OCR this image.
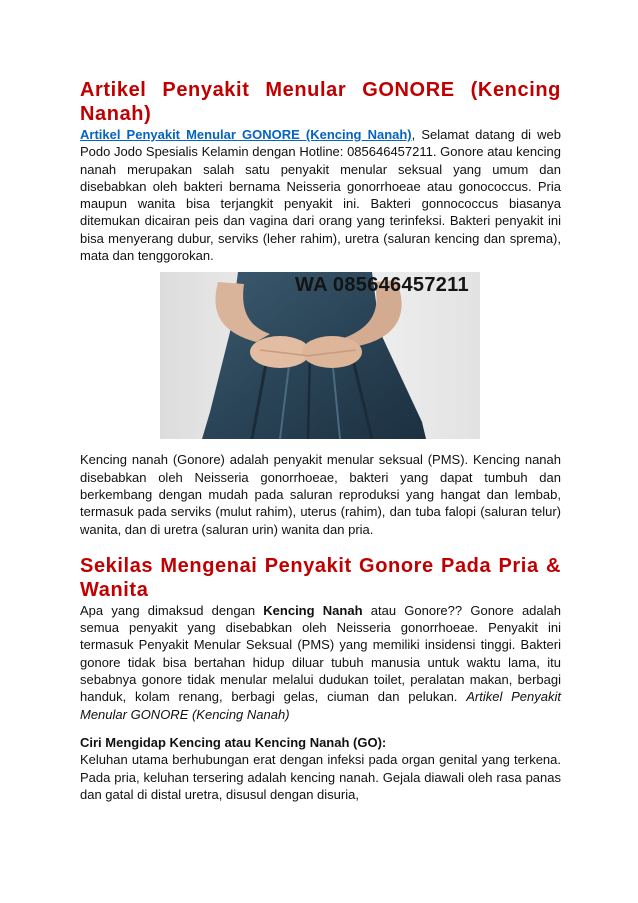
Artikel Penyakit Menular GONORE (Kencing Nanah)

Artikel Penyakit Menular GONORE (Kencing Nanah), Selamat datang di web Podo Jodo Spesialis Kelamin dengan Hotline: 085646457211. Gonore atau kencing nanah merupakan salah satu penyakit menular seksual yang umum dan disebabkan oleh bakteri bernama Neisseria gonorrhoeae atau gonococcus. Pria maupun wanita bisa terjangkit penyakit ini. Bakteri gonnococcus biasanya ditemukan dicairan peis dan vagina dari orang yang terinfeksi. Bakteri penyakit ini bisa menyerang dubur, serviks (leher rahim), uretra (saluran kencing dan sprema), mata dan tenggorokan.

WA 085646457211

Kencing nanah (Gonore) adalah penyakit menular seksual (PMS). Kencing nanah disebabkan oleh Neisseria gonorrhoeae, bakteri yang dapat tumbuh dan berkembang dengan mudah pada saluran reproduksi yang hangat dan lembab, termasuk pada serviks (mulut rahim), uterus (rahim), dan tuba falopi (saluran telur) wanita, dan di uretra (saluran urin) wanita dan pria.

Sekilas Mengenai Penyakit Gonore Pada Pria & Wanita

Apa yang dimaksud dengan Kencing Nanah atau Gonore?? Gonore adalah semua penyakit yang disebabkan oleh Neisseria gonorrhoeae. Penyakit ini termasuk Penyakit Menular Seksual (PMS) yang memiliki insidensi tinggi. Bakteri gonore tidak bisa bertahan hidup diluar tubuh manusia untuk waktu lama, itu sebabnya gonore tidak menular melalui dudukan toilet, peralatan makan, berbagi handuk, kolam renang, berbagi gelas, ciuman dan pelukan. Artikel Penyakit Menular GONORE (Kencing Nanah)

Ciri Mengidap Kencing atau Kencing Nanah (GO):

Keluhan utama berhubungan erat dengan infeksi pada organ genital yang terkena. Pada pria, keluhan tersering adalah kencing nanah. Gejala diawali oleh rasa panas dan gatal di distal uretra, disusul dengan disuria,
